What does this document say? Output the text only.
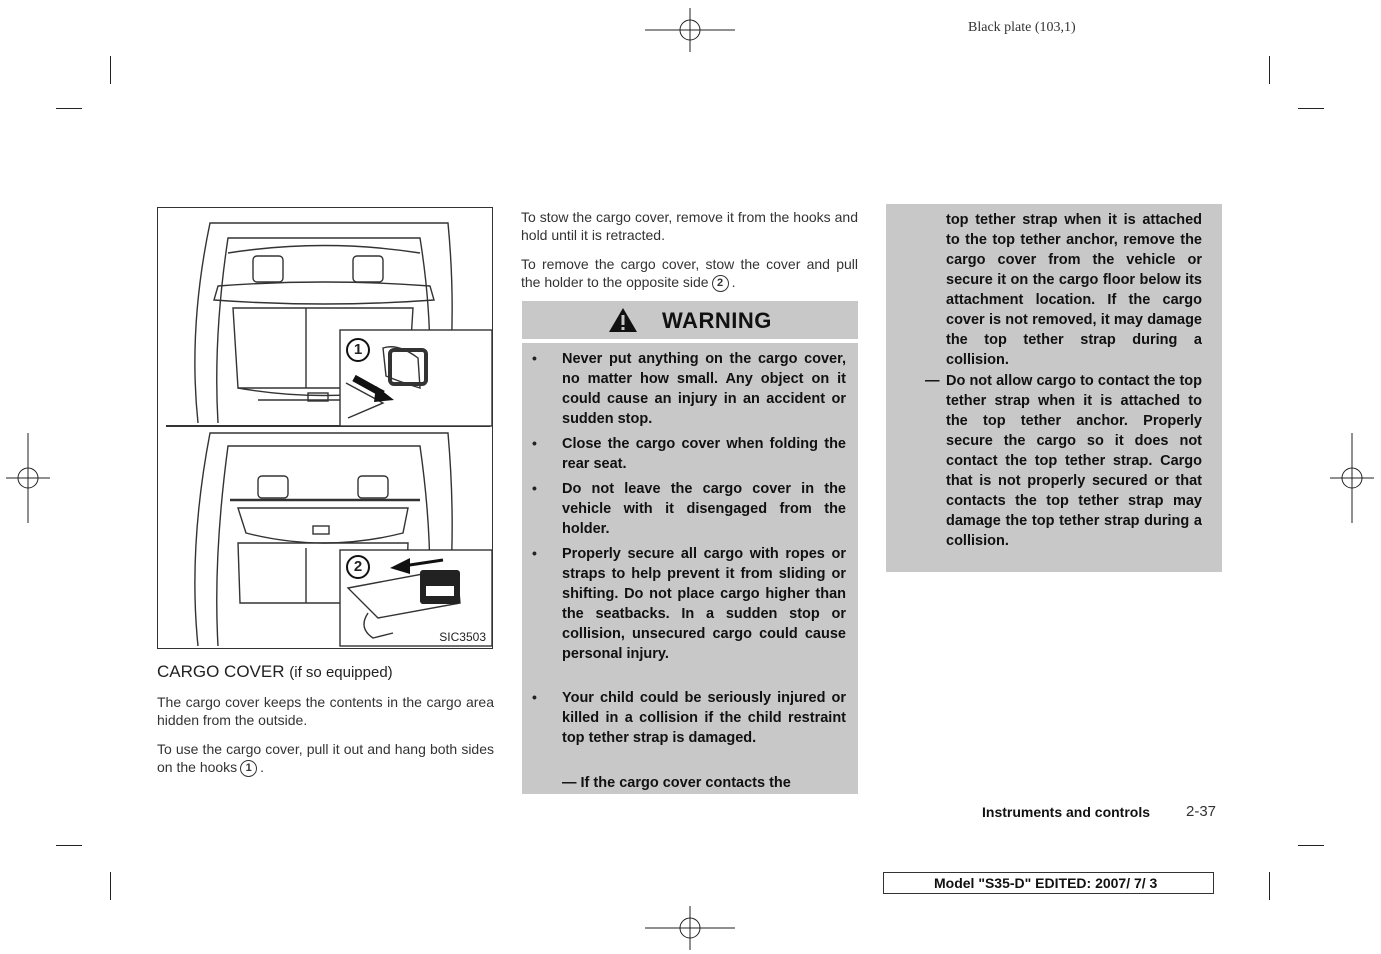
Black plate (103,1)
1
2
SIC3503
CARGO COVER (if so equipped)
The cargo cover keeps the contents in the cargo area hidden from the outside.
To use the cargo cover, pull it out and hang both sides on the hooks 1 .
To stow the cargo cover, remove it from the hooks and hold until it is retracted.
To remove the cargo cover, stow the cover and pull the holder to the opposite side 2 .
WARNING
• Never put anything on the cargo cover, no matter how small. Any object on it could cause an injury in an accident or sudden stop.
• Close the cargo cover when folding the rear seat.
• Do not leave the cargo cover in the vehicle with it disengaged from the holder.
• Properly secure all cargo with ropes or straps to help prevent it from sliding or shifting. Do not place cargo higher than the seatbacks. In a sudden stop or collision, unsecured cargo could cause personal injury.
• Your child could be seriously injured or killed in a collision if the child restraint top tether strap is damaged.
— If the cargo cover contacts the
top tether strap when it is attached to the top tether anchor, remove the cargo cover from the vehicle or secure it on the cargo floor below its attachment location. If the cargo cover is not removed, it may damage the top tether strap during a collision.
— Do not allow cargo to contact the top tether strap when it is attached to the top tether anchor. Properly secure the cargo so it does not contact the top tether strap. Cargo that is not properly secured or that contacts the top tether strap may damage the top tether strap during a collision.
Instruments and controls 2-37
Model "S35-D" EDITED: 2007/ 7/ 3
